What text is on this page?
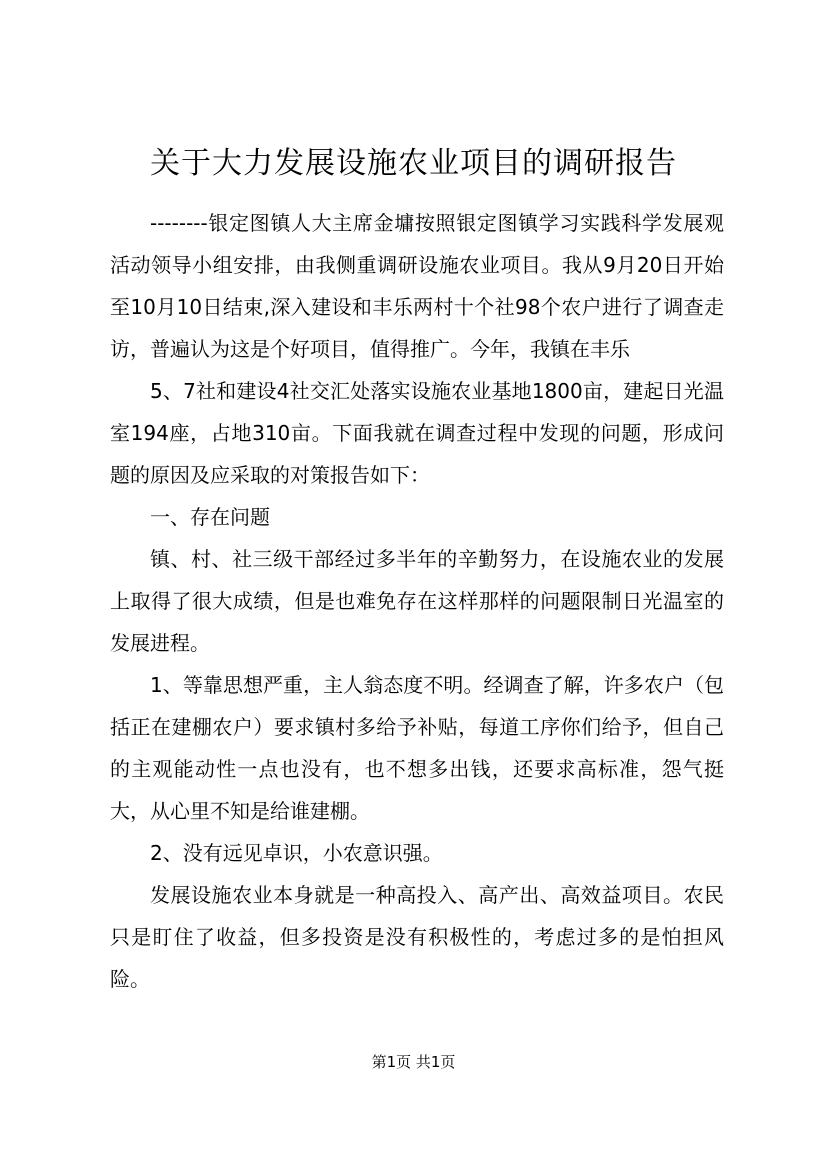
关于大力发展设施农业项目的调研报告

--------银定图镇人大主席金墉按照银定图镇学习实践科学发展观活动领导小组安排，由我侧重调研设施农业项目。我从9月20日开始至10月10日结束,深入建设和丰乐两村十个社98个农户进行了调查走访，普遍认为这是个好项目，值得推广。今年，我镇在丰乐

5、7社和建设4社交汇处落实设施农业基地1800亩，建起日光温室194座，占地310亩。下面我就在调查过程中发现的问题，形成问题的原因及应采取的对策报告如下：

一、存在问题

镇、村、社三级干部经过多半年的辛勤努力，在设施农业的发展上取得了很大成绩，但是也难免存在这样那样的问题限制日光温室的发展进程。

1、等靠思想严重，主人翁态度不明。经调查了解，许多农户（包括正在建棚农户）要求镇村多给予补贴，每道工序你们给予，但自己的主观能动性一点也没有，也不想多出钱，还要求高标准，怨气挺大，从心里不知是给谁建棚。

2、没有远见卓识，小农意识强。

发展设施农业本身就是一种高投入、高产出、高效益项目。农民只是盯住了收益，但多投资是没有积极性的，考虑过多的是怕担风险。

第1页 共1页
